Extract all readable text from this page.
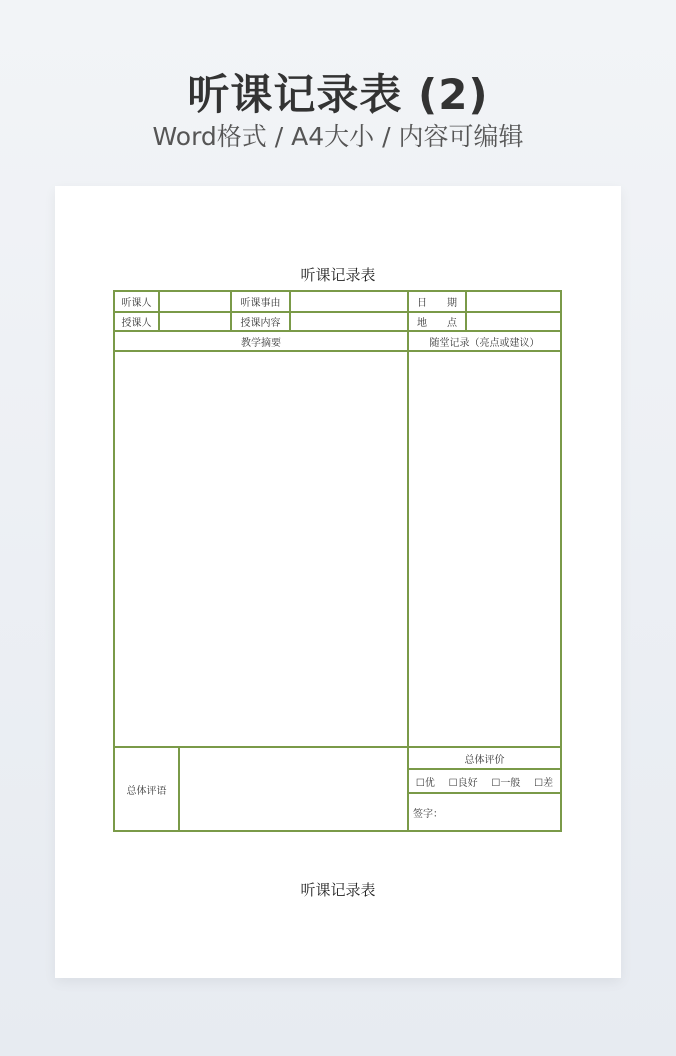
听课记录表 (2)
Word格式 / A4大小 / 内容可编辑
听课记录表
听课人	听课事由	日 期
授课人	授课内容	地 点
教学摘要	随堂记录（亮点或建议）
总体评语
总体评价
☐优 ☐良好 ☐一般 ☐差
签字：
听课记录表
